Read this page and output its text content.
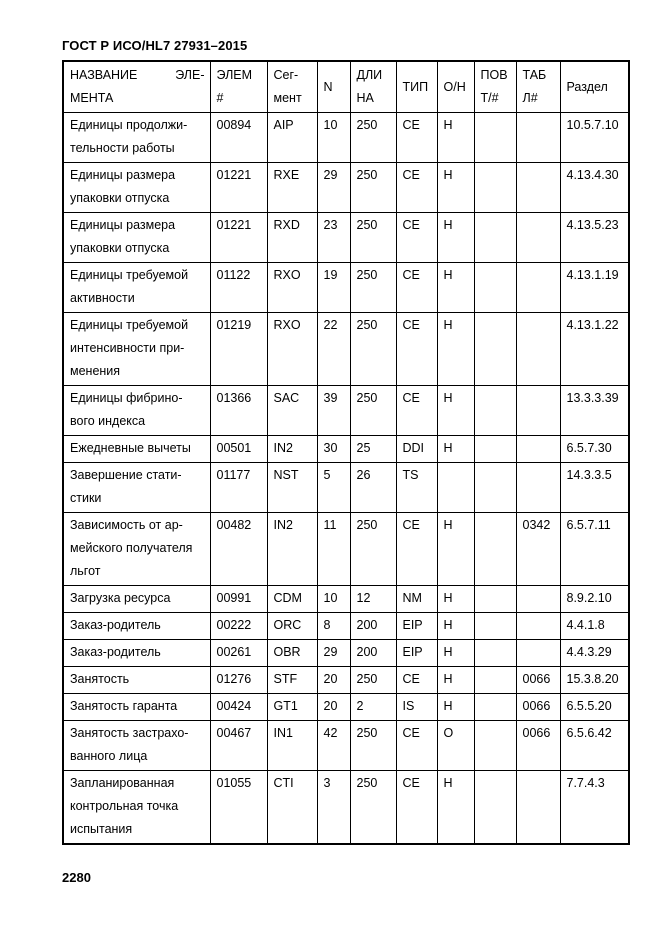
ГОСТ Р ИСО/HL7 27931–2015
НАЗВАНИЕ ЭЛЕ-МЕНТА	ЭЛЕМ #	Сег-мент	N	ДЛИ НА	ТИП	О/Н	ПОВ Т/#	ТАБ Л#	Раздел
Единицы продолжи-тельности работы	00894	AIP	10	250	CE	Н			10.5.7.10
Единицы размера упаковки отпуска	01221	RXE	29	250	CE	Н			4.13.4.30
Единицы размера упаковки отпуска	01221	RXD	23	250	CE	Н			4.13.5.23
Единицы требуемой активности	01122	RXO	19	250	CE	Н			4.13.1.19
Единицы требуемой интенсивности при-менения	01219	RXO	22	250	CE	Н			4.13.1.22
Единицы фибрино-вого индекса	01366	SAC	39	250	CE	Н			13.3.3.39
Ежедневные вычеты	00501	IN2	30	25	DDI	Н			6.5.7.30
Завершение стати-стики	01177	NST	5	26	TS				14.3.3.5
Зависимость от ар-мейского получателя льгот	00482	IN2	11	250	CE	Н		0342	6.5.7.11
Загрузка ресурса	00991	CDM	10	12	NM	Н			8.9.2.10
Заказ-родитель	00222	ORC	8	200	EIP	Н			4.4.1.8
Заказ-родитель	00261	OBR	29	200	EIP	Н			4.4.3.29
Занятость	01276	STF	20	250	CE	Н		0066	15.3.8.20
Занятость гаранта	00424	GT1	20	2	IS	Н		0066	6.5.5.20
Занятость застрахо-ванного лица	00467	IN1	42	250	CE	О		0066	6.5.6.42
Запланированная контрольная точка испытания	01055	CTI	3	250	CE	Н			7.7.4.3
2280
